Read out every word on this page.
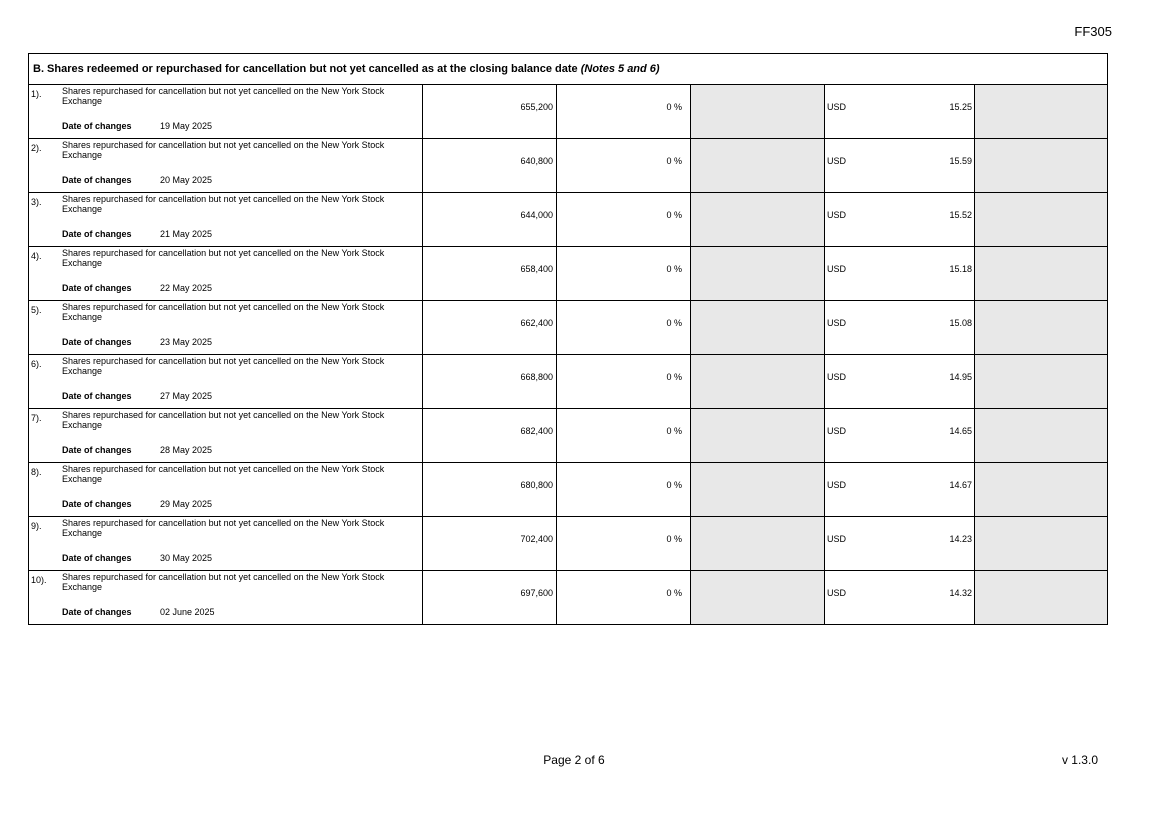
FF305
B. Shares redeemed or repurchased for cancellation but not yet cancelled as at the closing balance date (Notes 5 and 6)
1). Shares repurchased for cancellation but not yet cancelled on the New York Stock Exchange
Date of changes	19 May 2025
655,200	0 %	USD	15.25
2). Shares repurchased for cancellation but not yet cancelled on the New York Stock Exchange
Date of changes	20 May 2025
640,800	0 %	USD	15.59
3). Shares repurchased for cancellation but not yet cancelled on the New York Stock Exchange
Date of changes	21 May 2025
644,000	0 %	USD	15.52
4). Shares repurchased for cancellation but not yet cancelled on the New York Stock Exchange
Date of changes	22 May 2025
658,400	0 %	USD	15.18
5). Shares repurchased for cancellation but not yet cancelled on the New York Stock Exchange
Date of changes	23 May 2025
662,400	0 %	USD	15.08
6). Shares repurchased for cancellation but not yet cancelled on the New York Stock Exchange
Date of changes	27 May 2025
668,800	0 %	USD	14.95
7). Shares repurchased for cancellation but not yet cancelled on the New York Stock Exchange
Date of changes	28 May 2025
682,400	0 %	USD	14.65
8). Shares repurchased for cancellation but not yet cancelled on the New York Stock Exchange
Date of changes	29 May 2025
680,800	0 %	USD	14.67
9). Shares repurchased for cancellation but not yet cancelled on the New York Stock Exchange
Date of changes	30 May 2025
702,400	0 %	USD	14.23
10). Shares repurchased for cancellation but not yet cancelled on the New York Stock Exchange
Date of changes	02 June 2025
697,600	0 %	USD	14.32
Page 2 of 6	v 1.3.0
